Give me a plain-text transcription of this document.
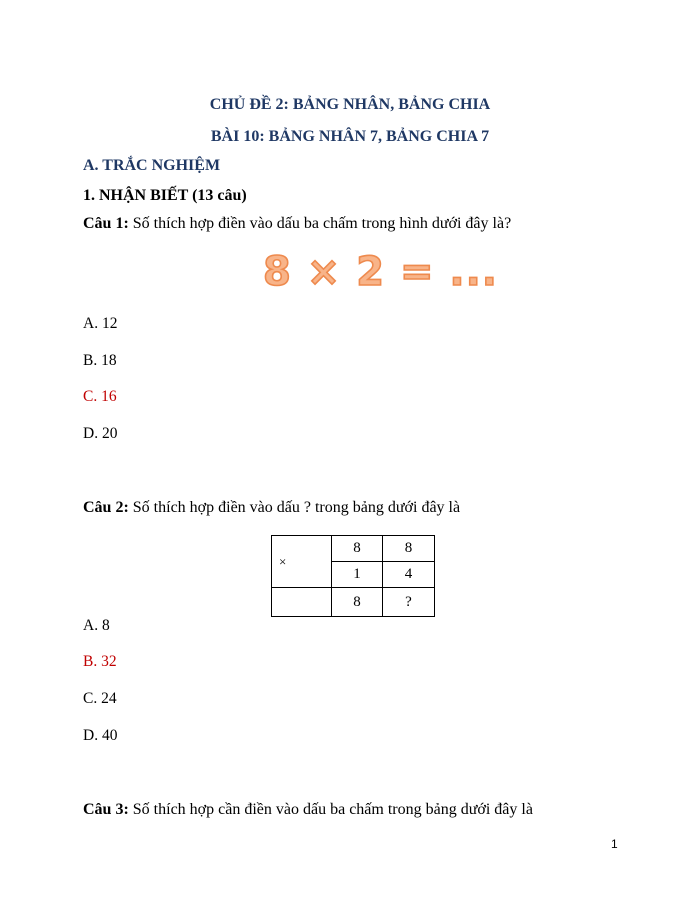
CHỦ ĐỀ 2: BẢNG NHÂN, BẢNG CHIA
BÀI 10: BẢNG NHÂN 7, BẢNG CHIA 7
A. TRẮC NGHIỆM
1. NHẬN BIẾT (13 câu)
Câu 1: Số thích hợp điền vào dấu ba chấm trong hình dưới đây là?
8 × 2 = ...
A. 12
B. 18
C. 16
D. 20
Câu 2: Số thích hợp điền vào dấu ? trong bảng dưới đây là
×	8	8
	1	4
	8	?
A. 8
B. 32
C. 24
D. 40
Câu 3: Số thích hợp cần điền vào dấu ba chấm trong bảng dưới đây là
1
